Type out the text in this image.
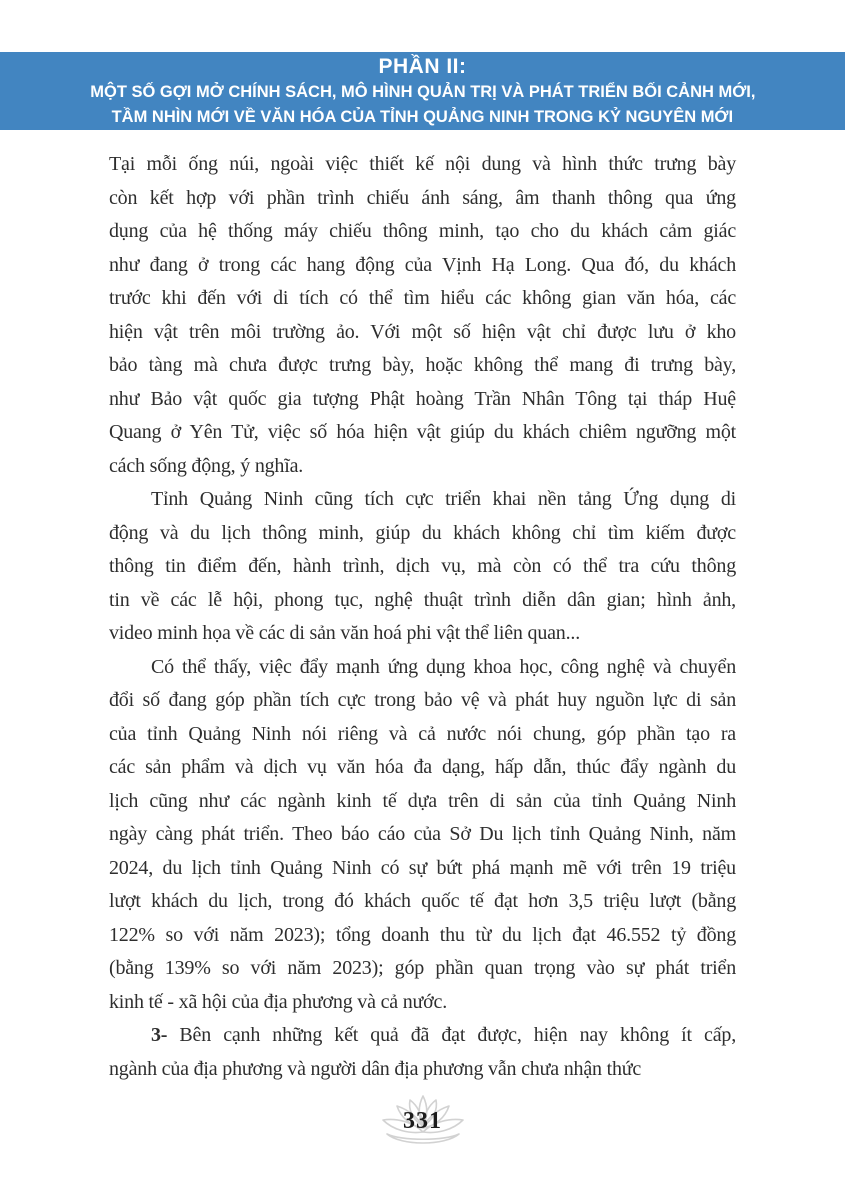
PHẦN II:
MỘT SỐ GỢI MỞ CHÍNH SÁCH, MÔ HÌNH QUẢN TRỊ VÀ PHÁT TRIỂN BỐI CẢNH MỚI,
TẦM NHÌN MỚI VỀ VĂN HÓA CỦA TỈNH QUẢNG NINH TRONG KỶ NGUYÊN MỚI
Tại mỗi ống núi, ngoài việc thiết kế nội dung và hình thức trưng bày
còn kết hợp với phần trình chiếu ánh sáng, âm thanh thông qua ứng
dụng của hệ thống máy chiếu thông minh, tạo cho du khách cảm giác
như đang ở trong các hang động của Vịnh Hạ Long. Qua đó, du khách
trước khi đến với di tích có thể tìm hiểu các không gian văn hóa, các
hiện vật trên môi trường ảo. Với một số hiện vật chỉ được lưu ở kho
bảo tàng mà chưa được trưng bày, hoặc không thể mang đi trưng bày,
như Bảo vật quốc gia tượng Phật hoàng Trần Nhân Tông tại tháp Huệ
Quang ở Yên Tử, việc số hóa hiện vật giúp du khách chiêm ngưỡng một
cách sống động, ý nghĩa.
Tỉnh Quảng Ninh cũng tích cực triển khai nền tảng Ứng dụng di
động và du lịch thông minh, giúp du khách không chỉ tìm kiếm được
thông tin điểm đến, hành trình, dịch vụ, mà còn có thể tra cứu thông
tin về các lễ hội, phong tục, nghệ thuật trình diễn dân gian; hình ảnh,
video minh họa về các di sản văn hoá phi vật thể liên quan...
Có thể thấy, việc đẩy mạnh ứng dụng khoa học, công nghệ và chuyển
đổi số đang góp phần tích cực trong bảo vệ và phát huy nguồn lực di sản
của tỉnh Quảng Ninh nói riêng và cả nước nói chung, góp phần tạo ra
các sản phẩm và dịch vụ văn hóa đa dạng, hấp dẫn, thúc đẩy ngành du
lịch cũng như các ngành kinh tế dựa trên di sản của tỉnh Quảng Ninh
ngày càng phát triển. Theo báo cáo của Sở Du lịch tỉnh Quảng Ninh, năm
2024, du lịch tỉnh Quảng Ninh có sự bứt phá mạnh mẽ với trên 19 triệu
lượt khách du lịch, trong đó khách quốc tế đạt hơn 3,5 triệu lượt (bằng
122% so với năm 2023); tổng doanh thu từ du lịch đạt 46.552 tỷ đồng
(bằng 139% so với năm 2023); góp phần quan trọng vào sự phát triển
kinh tế - xã hội của địa phương và cả nước.
3- Bên cạnh những kết quả đã đạt được, hiện nay không ít cấp,
ngành của địa phương và người dân địa phương vẫn chưa nhận thức
331
